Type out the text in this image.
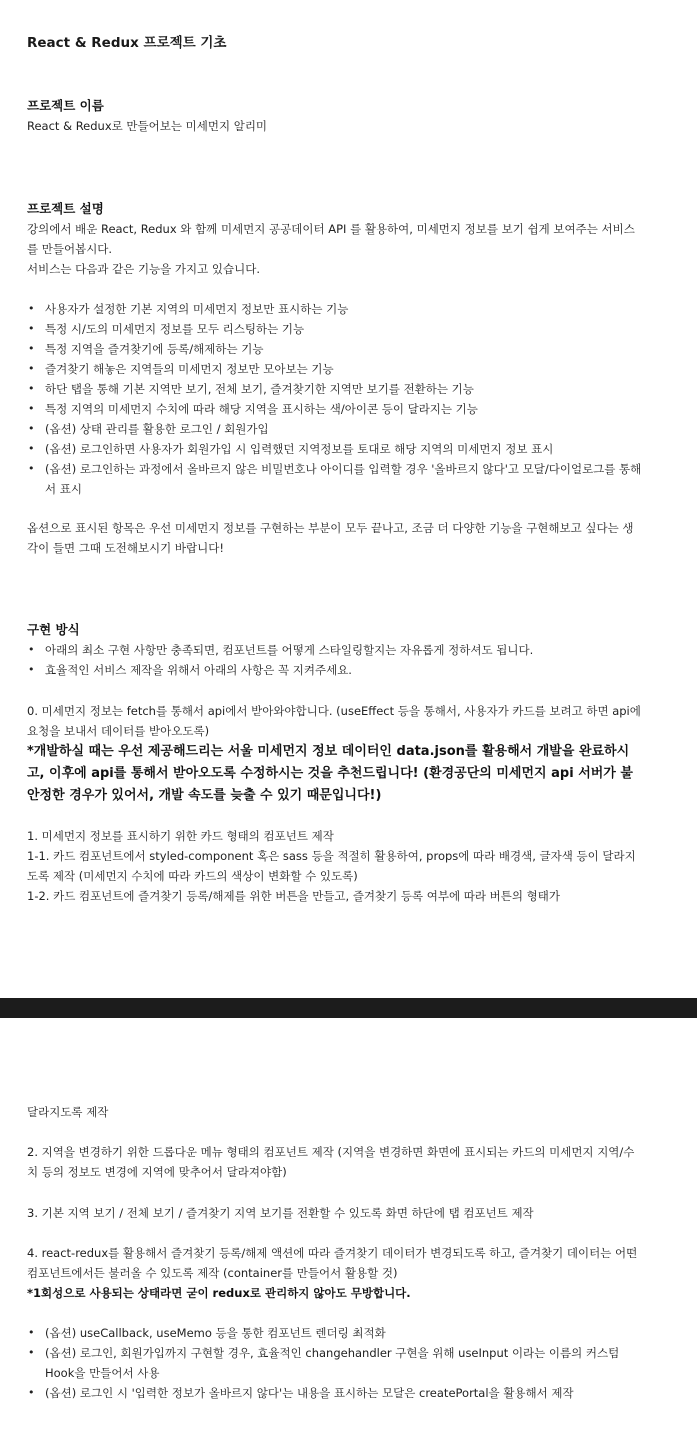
React & Redux 프로젝트 기초

프로젝트 이름

React & Redux로 만들어보는 미세먼지 알리미

프로젝트 설명

강의에서 배운 React, Redux 와 함께 미세먼지 공공데이터 API 를 활용하여, 미세먼지 정보를 보기 쉽게 보여주는 서비스를 만들어봅시다.

서비스는 다음과 같은 기능을 가지고 있습니다.

• 사용자가 설정한 기본 지역의 미세먼지 정보만 표시하는 기능
• 특정 시/도의 미세먼지 정보를 모두 리스팅하는 기능
• 특정 지역을 즐겨찾기에 등록/해제하는 기능
• 즐겨찾기 해놓은 지역들의 미세먼지 정보만 모아보는 기능
• 하단 탭을 통해 기본 지역만 보기, 전체 보기, 즐겨찾기한 지역만 보기를 전환하는 기능
• 특정 지역의 미세먼지 수치에 따라 해당 지역을 표시하는 색/아이콘 등이 달라지는 기능
• (옵션) 상태 관리를 활용한 로그인 / 회원가입
• (옵션) 로그인하면 사용자가 회원가입 시 입력했던 지역정보를 토대로 해당 지역의 미세먼지 정보 표시
• (옵션) 로그인하는 과정에서 올바르지 않은 비밀번호나 아이디를 입력할 경우 '올바르지 않다'고 모달/다이얼로그를 통해서 표시

옵션으로 표시된 항목은 우선 미세먼지 정보를 구현하는 부분이 모두 끝나고, 조금 더 다양한 기능을 구현해보고 싶다는 생각이 들면 그때 도전해보시기 바랍니다!

구현 방식

• 아래의 최소 구현 사항만 충족되면, 컴포넌트를 어떻게 스타일링할지는 자유롭게 정하셔도 됩니다.
• 효율적인 서비스 제작을 위해서 아래의 사항은 꼭 지켜주세요.

0. 미세먼지 정보는 fetch를 통해서 api에서 받아와야합니다. (useEffect 등을 통해서, 사용자가 카드를 보려고 하면 api에 요청을 보내서 데이터를 받아오도록)

*개발하실 때는 우선 제공해드리는 서울 미세먼지 정보 데이터인 data.json를 활용해서 개발을 완료하시고, 이후에 api를 통해서 받아오도록 수정하시는 것을 추천드립니다! (환경공단의 미세먼지 api 서버가 불안정한 경우가 있어서, 개발 속도를 늦출 수 있기 때문입니다!)

1. 미세먼지 정보를 표시하기 위한 카드 형태의 컴포넌트 제작

1-1. 카드 컴포넌트에서 styled-component 혹은 sass 등을 적절히 활용하여, props에 따라 배경색, 글자색 등이 달라지도록 제작 (미세먼지 수치에 따라 카드의 색상이 변화할 수 있도록)

1-2. 카드 컴포넌트에 즐겨찾기 등록/해제를 위한 버튼을 만들고, 즐겨찾기 등록 여부에 따라 버튼의 형태가

달라지도록 제작

2. 지역을 변경하기 위한 드롭다운 메뉴 형태의 컴포넌트 제작 (지역을 변경하면 화면에 표시되는 카드의 미세먼지 지역/수치 등의 정보도 변경에 지역에 맞추어서 달라져야함)

3. 기본 지역 보기 / 전체 보기 / 즐겨찾기 지역 보기를 전환할 수 있도록 화면 하단에 탭 컴포넌트 제작

4. react-redux를 활용해서 즐겨찾기 등록/해제 액션에 따라 즐겨찾기 데이터가 변경되도록 하고, 즐겨찾기 데이터는 어떤 컴포넌트에서든 불러올 수 있도록 제작 (container를 만들어서 활용할 것)

*1회성으로 사용되는 상태라면 굳이 redux로 관리하지 않아도 무방합니다.

• (옵션) useCallback, useMemo 등을 통한 컴포넌트 렌더링 최적화
• (옵션) 로그인, 회원가입까지 구현할 경우, 효율적인 changehandler 구현을 위해 useInput 이라는 이름의 커스텀 Hook을 만들어서 사용
• (옵션) 로그인 시 '입력한 정보가 올바르지 않다'는 내용을 표시하는 모달은 createPortal을 활용해서 제작
